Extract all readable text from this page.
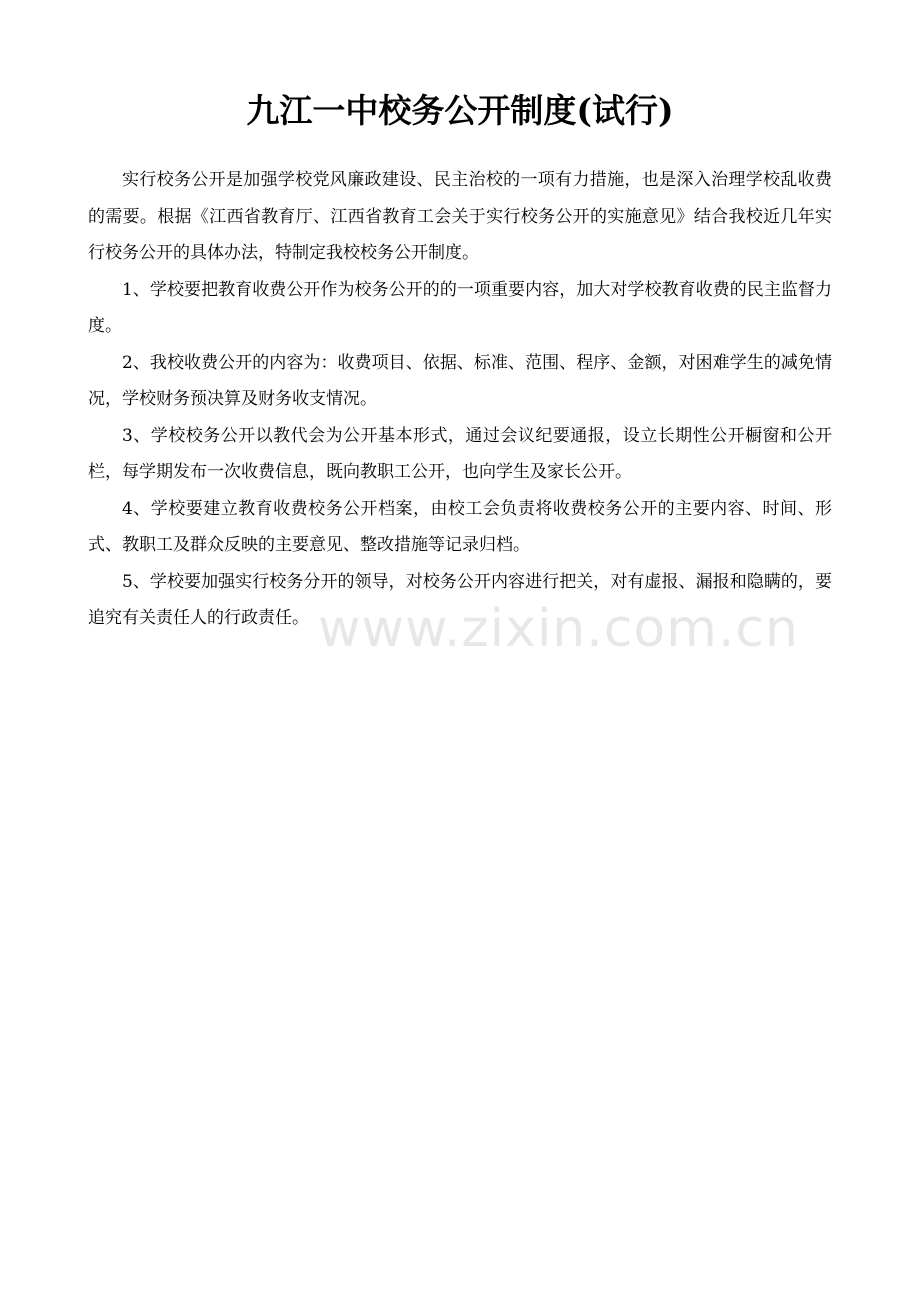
九江一中校务公开制度(试行)

实行校务公开是加强学校党风廉政建设、民主治校的一项有力措施，也是深入治理学校乱收费的需要。根据《江西省教育厅、江西省教育工会关于实行校务公开的实施意见》结合我校近几年实行校务公开的具体办法，特制定我校校务公开制度。

1、学校要把教育收费公开作为校务公开的的一项重要内容，加大对学校教育收费的民主监督力度。

2、我校收费公开的内容为：收费项目、依据、标准、范围、程序、金额，对困难学生的减免情况，学校财务预决算及财务收支情况。

3、学校校务公开以教代会为公开基本形式，通过会议纪要通报，设立长期性公开橱窗和公开栏，每学期发布一次收费信息，既向教职工公开，也向学生及家长公开。

4、学校要建立教育收费校务公开档案，由校工会负责将收费校务公开的主要内容、时间、形式、教职工及群众反映的主要意见、整改措施等记录归档。

5、学校要加强实行校务分开的领导，对校务公开内容进行把关，对有虚报、漏报和隐瞒的，要追究有关责任人的行政责任。 www.zixin.com.cn
